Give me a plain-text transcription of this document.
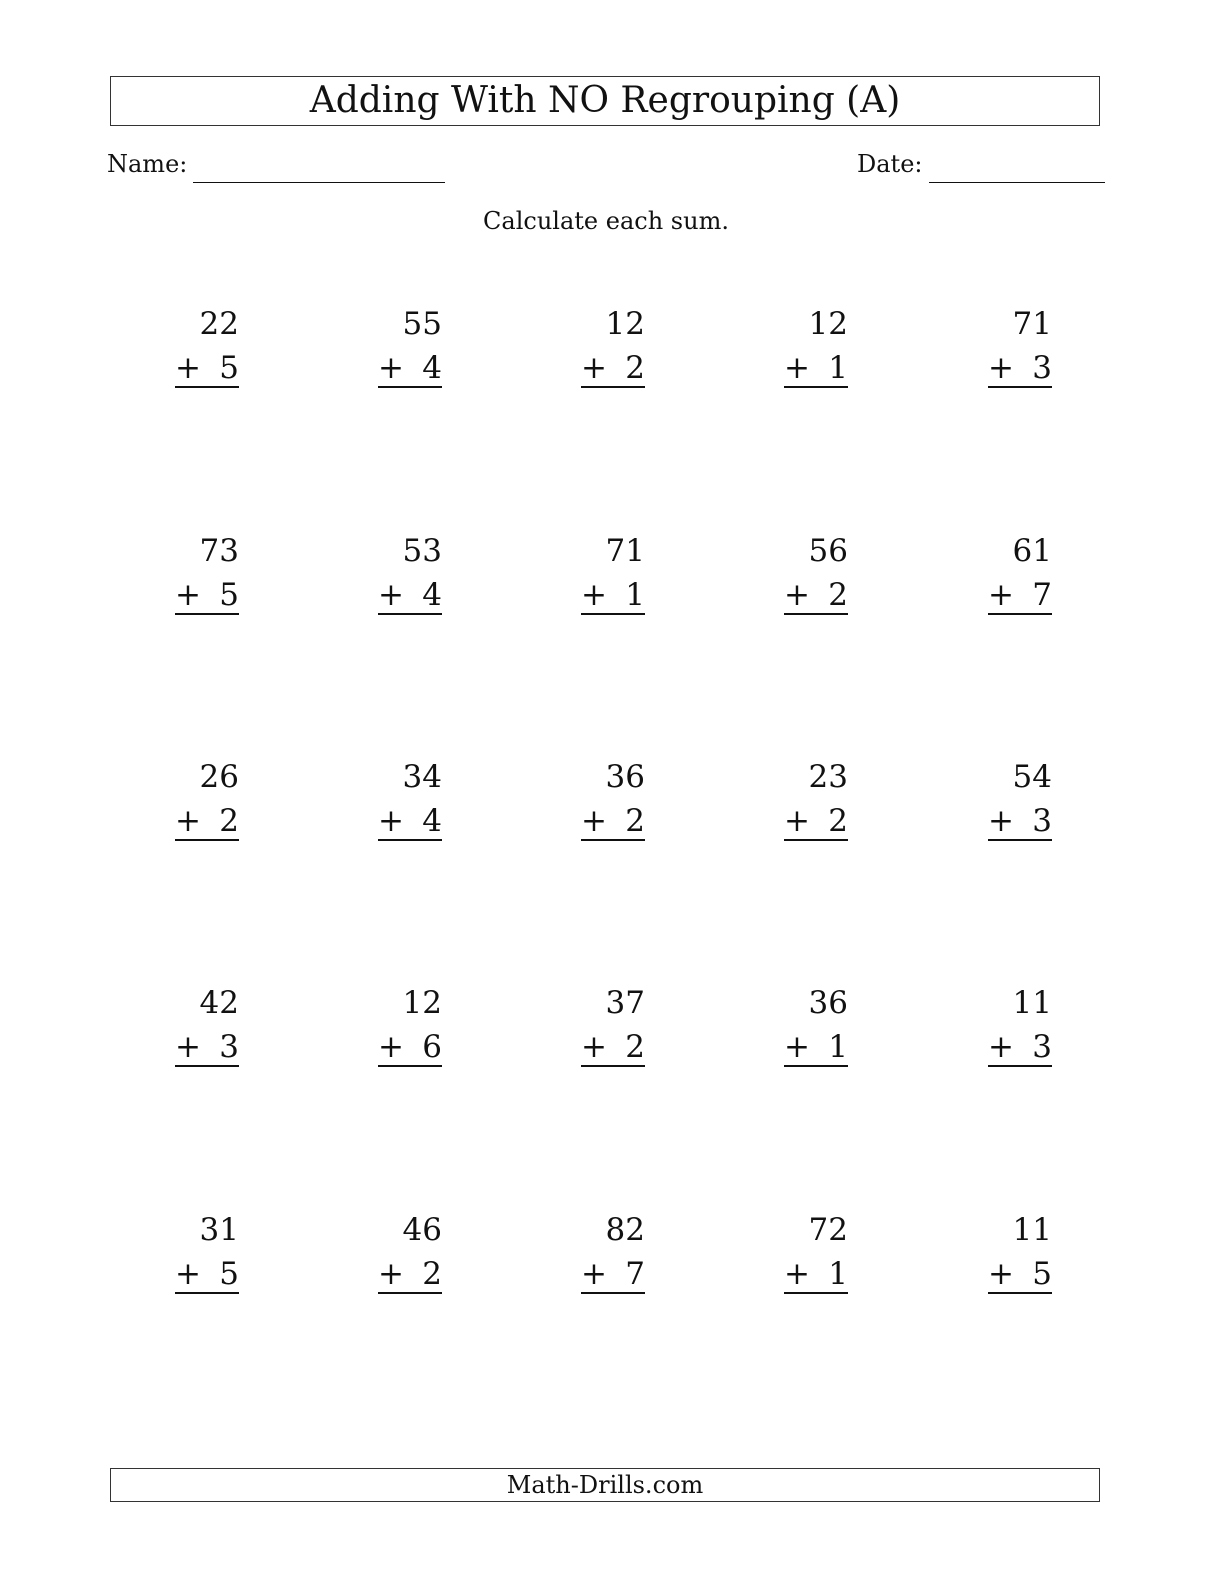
Adding With NO Regrouping (A)
Name:	Date:
Calculate each sum.
22
+ 5
55
+ 4
12
+ 2
12
+ 1
71
+ 3
73
+ 5
53
+ 4
71
+ 1
56
+ 2
61
+ 7
26
+ 2
34
+ 4
36
+ 2
23
+ 2
54
+ 3
42
+ 3
12
+ 6
37
+ 2
36
+ 1
11
+ 3
31
+ 5
46
+ 2
82
+ 7
72
+ 1
11
+ 5
Math-Drills.com
